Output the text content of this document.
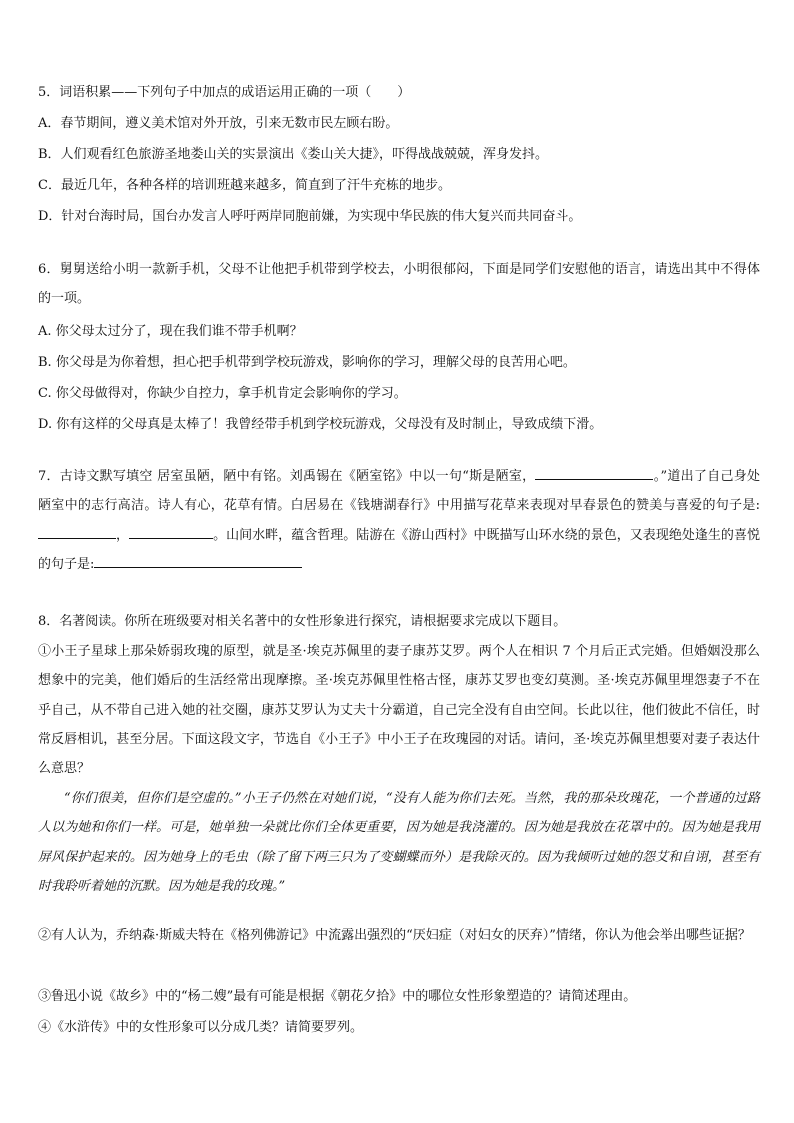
5．词语积累——下列句子中加点的成语运用正确的一项（　　）
A．春节期间，遵义美术馆对外开放，引来无数市民左顾右盼。
B．人们观看红色旅游圣地娄山关的实景演出《娄山关大捷》，吓得战战兢兢，浑身发抖。
C．最近几年，各种各样的培训班越来越多，简直到了汗牛充栋的地步。
D．针对台海时局，国台办发言人呼吁两岸同胞前嫌，为实现中华民族的伟大复兴而共同奋斗。
6．舅舅送给小明一款新手机，父母不让他把手机带到学校去，小明很郁闷，下面是同学们安慰他的语言，请选出其中不得体的一项。
A. 你父母太过分了，现在我们谁不带手机啊？
B. 你父母是为你着想，担心把手机带到学校玩游戏，影响你的学习，理解父母的良苦用心吧。
C. 你父母做得对，你缺少自控力，拿手机肯定会影响你的学习。
D. 你有这样的父母真是太棒了！我曾经带手机到学校玩游戏，父母没有及时制止，导致成绩下滑。
7．古诗文默写填空 居室虽陋，陋中有铭。刘禹锡在《陋室铭》中以一句“斯是陋室，	。”道出了自己身处陋室中的志行高洁。诗人有心，花草有情。白居易在《钱塘湖春行》中用描写花草来表现对早春景色的赞美与喜爱的句子是:，	。山间水畔，蕴含哲理。陆游在《游山西村》中既描写山环水绕的景色，又表现绝处逢生的喜悦的句子是:
8．名著阅读。你所在班级要对相关名著中的女性形象进行探究，请根据要求完成以下题目。
①小王子星球上那朵娇弱玫瑰的原型，就是圣·埃克苏佩里的妻子康苏艾罗。两个人在相识 7 个月后正式完婚。但婚姻没那么想象中的完美，他们婚后的生活经常出现摩擦。圣·埃克苏佩里性格古怪，康苏艾罗也变幻莫测。圣·埃克苏佩里埋怨妻子不在乎自己，从不带自己进入她的社交圈，康苏艾罗认为丈夫十分霸道，自己完全没有自由空间。长此以往，他们彼此不信任，时常反唇相讥，甚至分居。下面这段文字，节选自《小王子》中小王子在玫瑰园的对话。请问，圣·埃克苏佩里想要对妻子表达什么意思？
“你们很美，但你们是空虚的。”小王子仍然在对她们说，“没有人能为你们去死。当然，我的那朵玫瑰花，一个普通的过路人以为她和你们一样。可是，她单独一朵就比你们全体更重要，因为她是我浇灌的。因为她是我放在花罩中的。因为她是我用屏风保护起来的。因为她身上的毛虫（除了留下两三只为了变蝴蝶而外）是我除灭的。因为我倾听过她的怨艾和自诩，甚至有时我聆听着她的沉默。因为她是我的玫瑰。”
②有人认为，乔纳森·斯威夫特在《格列佛游记》中流露出强烈的“厌妇症（对妇女的厌弃）”情绪，你认为他会举出哪些证据？
③鲁迅小说《故乡》中的“杨二嫂”最有可能是根据《朝花夕拾》中的哪位女性形象塑造的？请简述理由。
④《水浒传》中的女性形象可以分成几类？请简要罗列。
